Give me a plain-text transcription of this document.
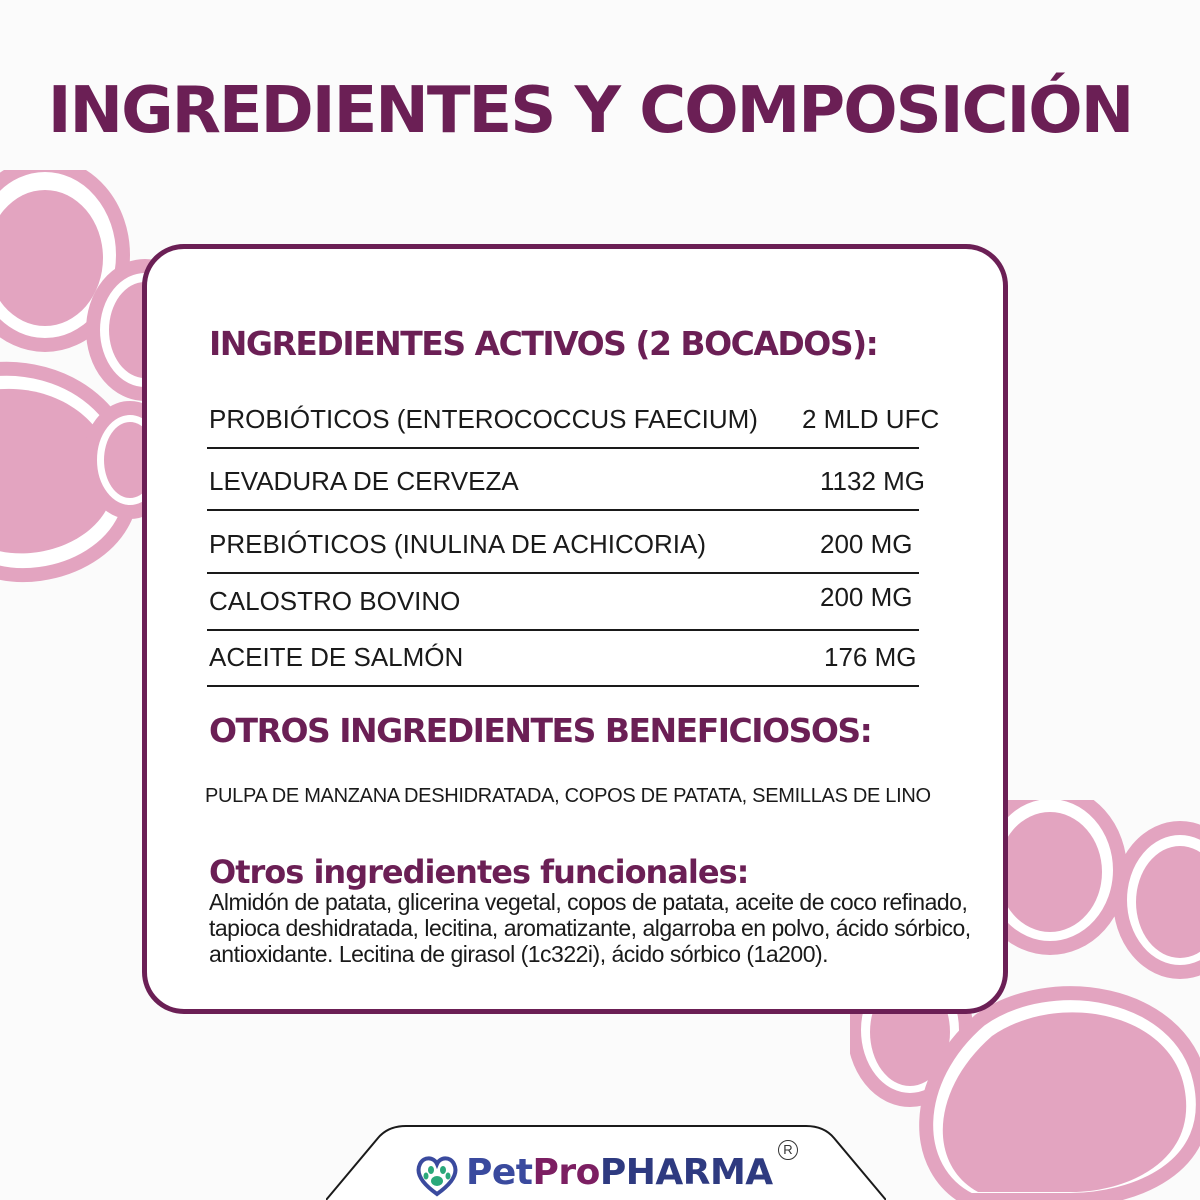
INGREDIENTES Y COMPOSICIÓN
INGREDIENTES ACTIVOS (2 BOCADOS):
PROBIÓTICOS (ENTEROCOCCUS FAECIUM) 2 MLD UFC
LEVADURA DE CERVEZA	1132 MG
PREBIÓTICOS (INULINA DE ACHICORIA)	200 MG
CALOSTRO BOVINO	200 MG
ACEITE DE SALMÓN	176 MG
OTROS INGREDIENTES BENEFICIOSOS:
PULPA DE MANZANA DESHIDRATADA, COPOS DE PATATA, SEMILLAS DE LINO
Otros ingredientes funcionales:

Almidón de patata, glicerina vegetal, copos de patata, aceite de coco refinado, tapioca deshidratada, lecitina, aromatizante, algarroba en polvo, ácido sórbico, antioxidante. Lecitina de girasol (1c322i), ácido sórbico (1a200).

PetProPHARMA
R
